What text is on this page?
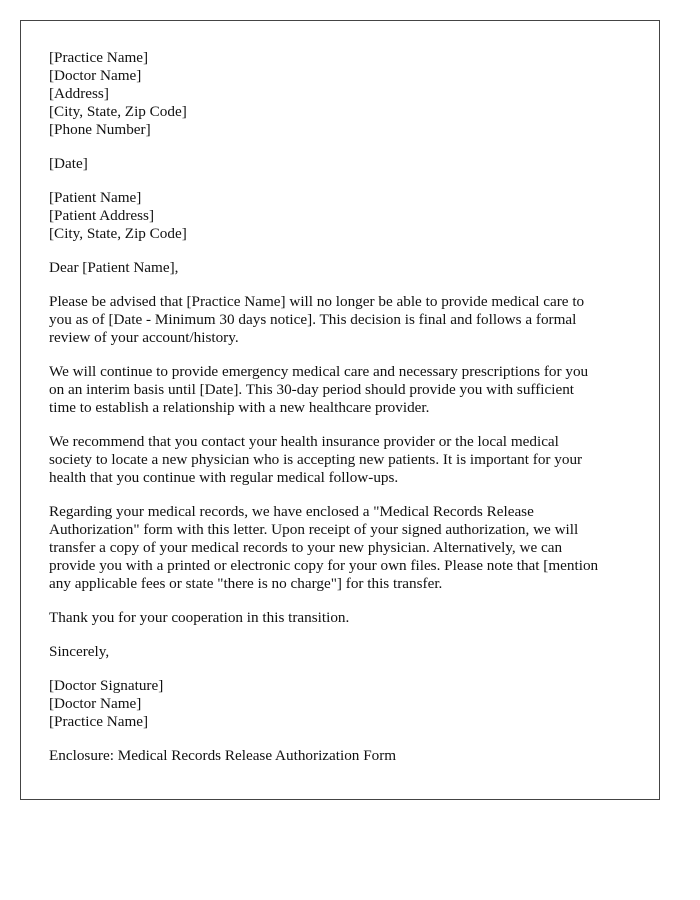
[Practice Name]
[Doctor Name]
[Address]
[City, State, Zip Code]
[Phone Number]
[Date]
[Patient Name]
[Patient Address]
[City, State, Zip Code]
Dear [Patient Name],

Please be advised that [Practice Name] will no longer be able to provide medical care to
you as of [Date - Minimum 30 days notice]. This decision is final and follows a formal
review of your account/history.

We will continue to provide emergency medical care and necessary prescriptions for you
on an interim basis until [Date]. This 30-day period should provide you with sufficient
time to establish a relationship with a new healthcare provider.

We recommend that you contact your health insurance provider or the local medical
society to locate a new physician who is accepting new patients. It is important for your
health that you continue with regular medical follow-ups.

Regarding your medical records, we have enclosed a "Medical Records Release
Authorization" form with this letter. Upon receipt of your signed authorization, we will
transfer a copy of your medical records to your new physician. Alternatively, we can
provide you with a printed or electronic copy for your own files. Please note that [mention
any applicable fees or state "there is no charge"] for this transfer.

Thank you for your cooperation in this transition.

Sincerely,
[Doctor Signature]
[Doctor Name]
[Practice Name]
Enclosure: Medical Records Release Authorization Form
